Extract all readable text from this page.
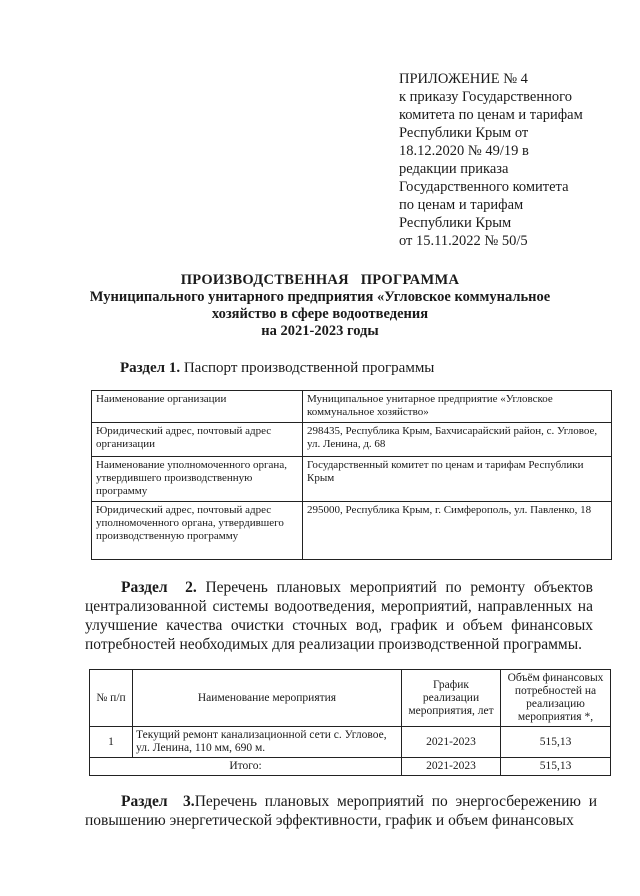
ПРИЛОЖЕНИЕ № 4
к приказу Государственного
комитета по ценам и тарифам
Республики Крым от
18.12.2020 № 49/19 в
редакции приказа
Государственного комитета
по ценам и тарифам
Республики Крым
от 15.11.2022 № 50/5
ПРОИЗВОДСТВЕННАЯ   ПРОГРАММА
Муниципального унитарного предприятия «Угловское коммунальное
хозяйство в сфере водоотведения
на 2021-2023 годы
Раздел 1. Паспорт производственной программы
Наименование организации	Муниципальное унитарное предприятие «Угловское коммунальное хозяйство»
Юридический адрес, почтовый адрес организации	298435, Республика Крым, Бахчисарайский район, с. Угловое, ул. Ленина, д. 68
Наименование уполномоченного органа, утвердившего производственную программу	Государственный комитет по ценам и тарифам Республики Крым
Юридический адрес, почтовый адрес уполномоченного органа, утвердившего производственную программу	295000, Республика Крым, г. Симферополь, ул. Павленко, 18

Раздел  2. Перечень плановых мероприятий по ремонту объектов централизованной системы водоотведения, мероприятий, направленных на улучшение качества очистки сточных вод, график и объем финансовых потребностей необходимых для реализации производственной программы.

№ п/п	Наименование мероприятия	График реализации мероприятия, лет	Объём финансовых потребностей на реализацию мероприятия *,
1	Текущий ремонт канализационной сети с. Угловое, ул. Ленина, 110 мм, 690 м.	2021-2023	515,13
Итого:		2021-2023	515,13

Раздел  3.Перечень плановых мероприятий по энергосбережению и повышению энергетической эффективности, график и объем финансовых
